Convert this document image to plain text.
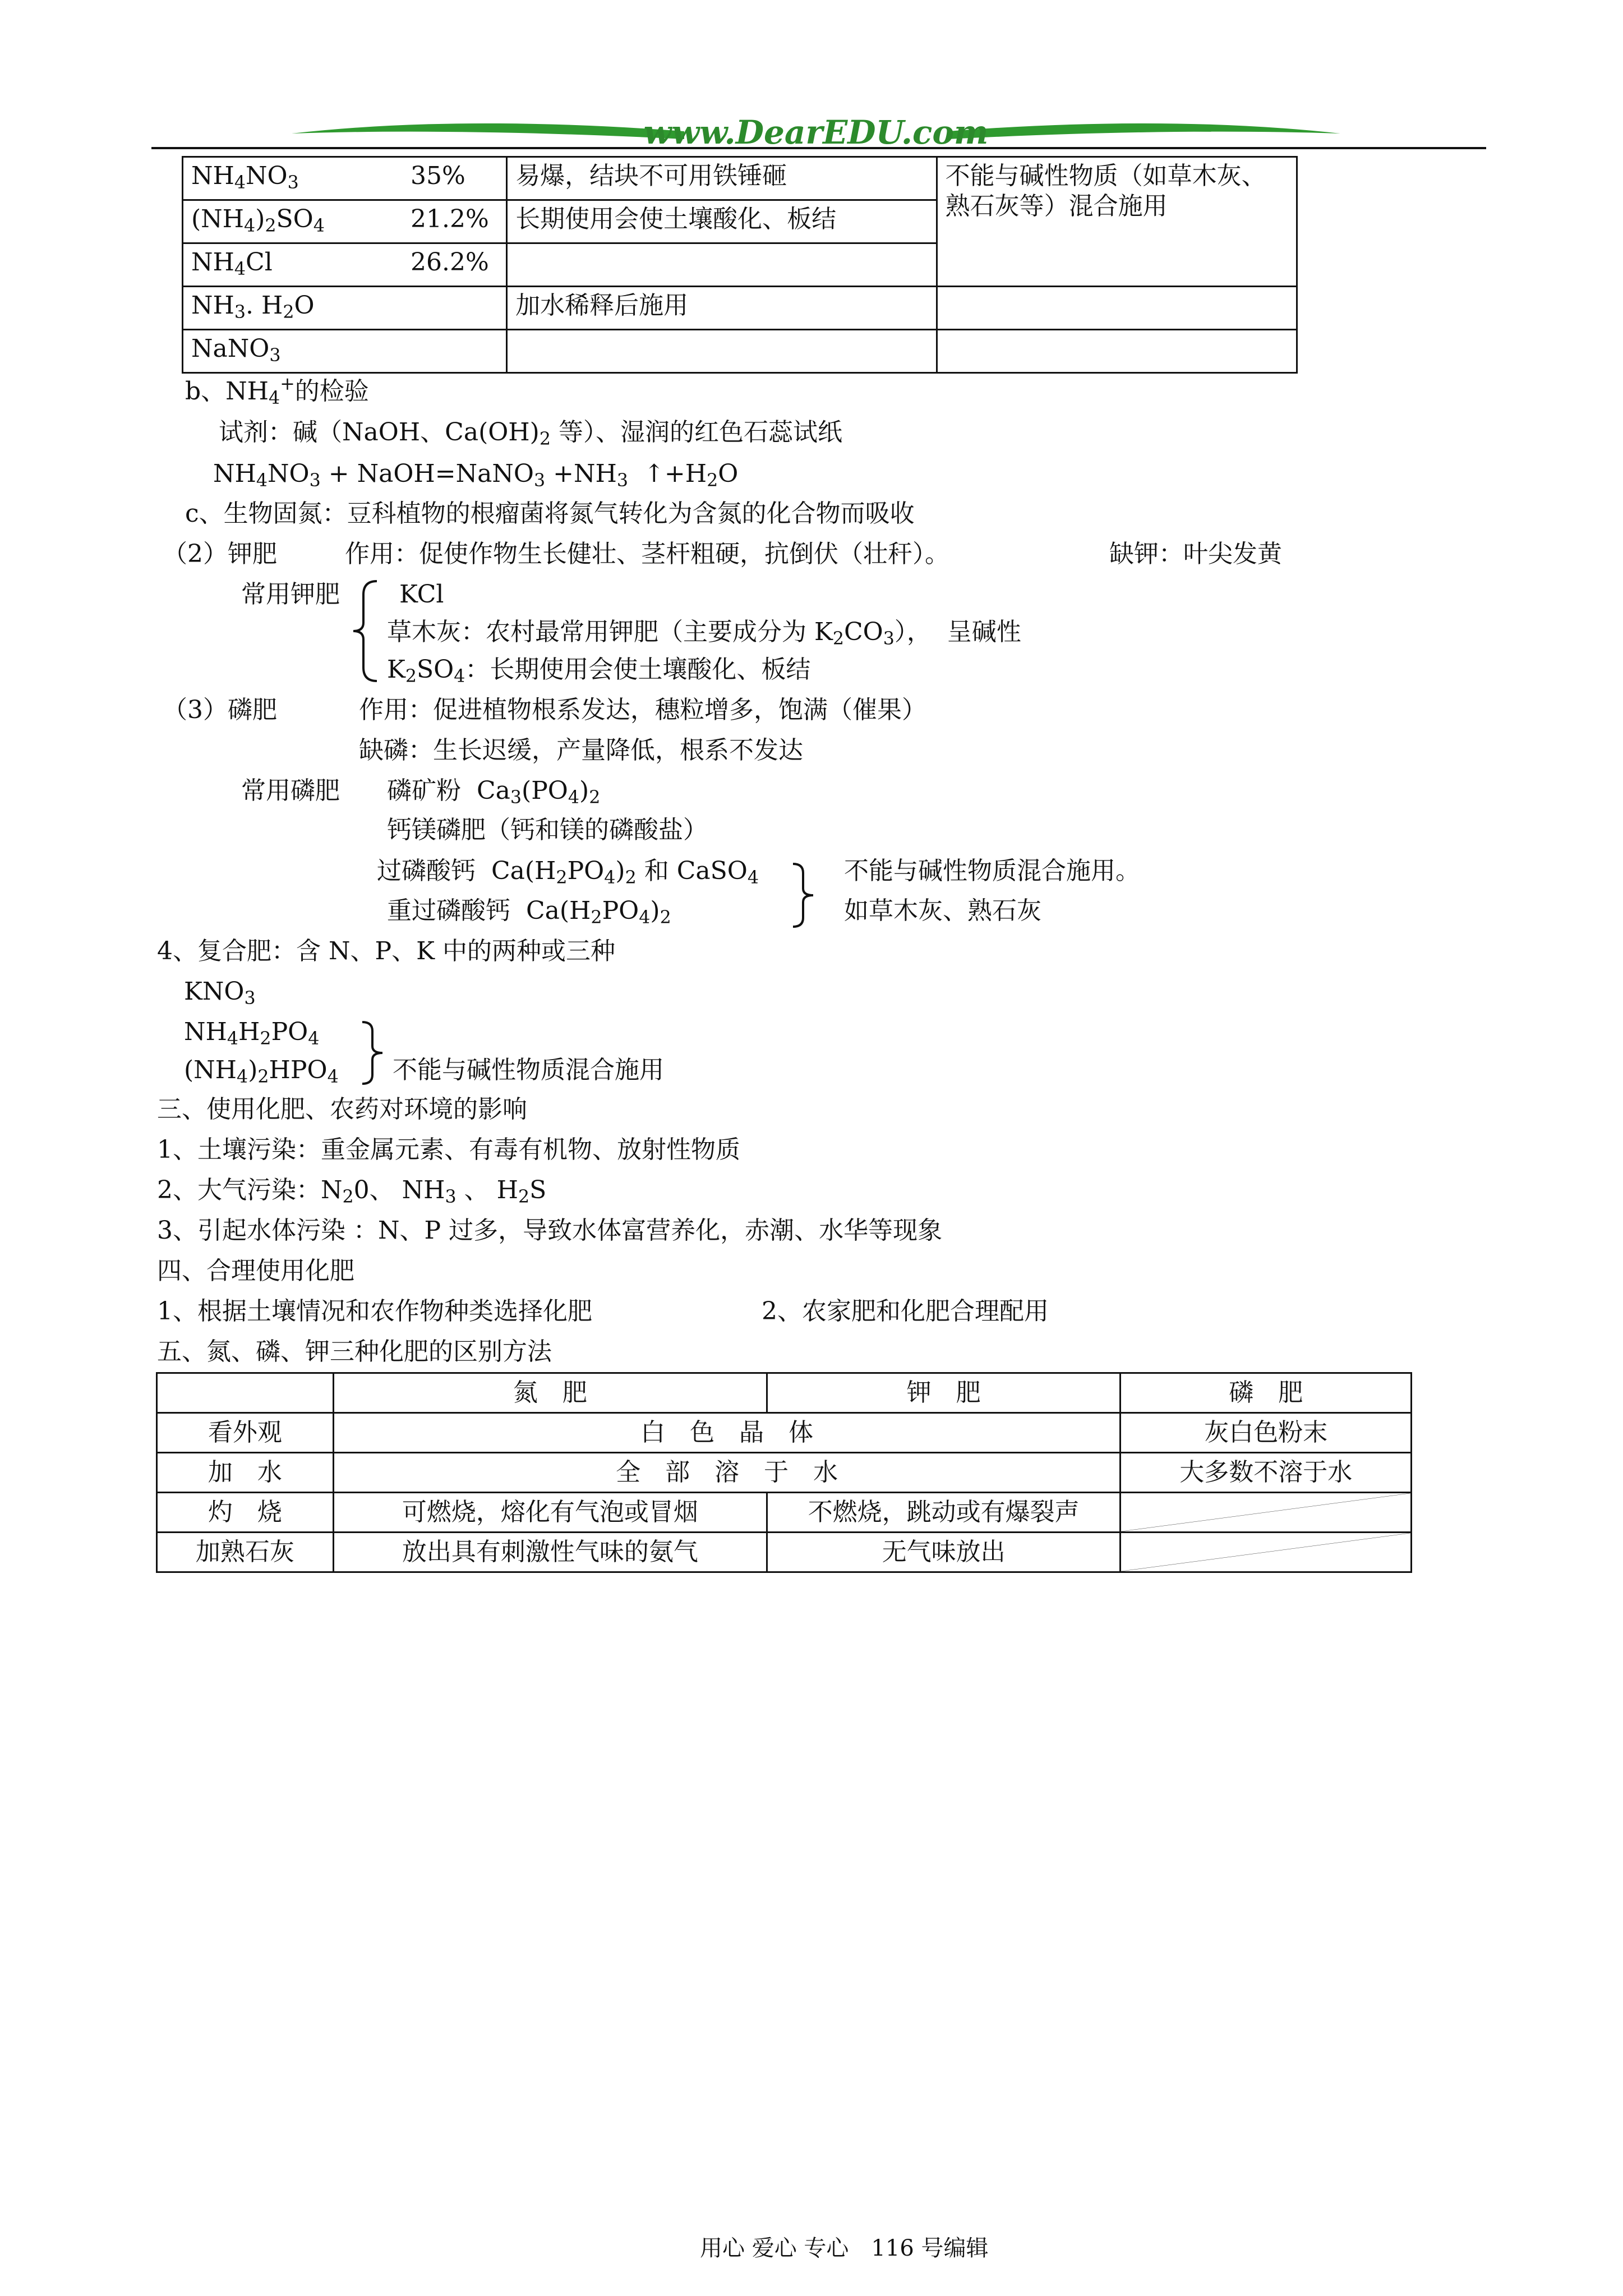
www.DearEDU.com
$NH_4NO_3$	35%	易爆，结块不可用铁锤砸	不能与碱性物质（如草木灰、熟石灰等）混合施用
$(NH_4)_2SO_4$	21.2%	长期使用会使土壤酸化、板结	
$NH_4Cl$	26.2%		
$NH_3$. $H_2O$		加水稀释后施用	
NaNO$_3$			
b、$NH_4^+$的检验
试剂：碱（NaOH、$Ca(OH)_2$ 等）、湿润的红色石蕊试纸
$NH_4NO_3$ + NaOH=NaNO$_3$ $+NH_3$  $↑+H_2O$
c、生物固氮：豆科植物的根瘤菌将氮气转化为含氮的化合物而吸收
（2）钾肥	作用：促使作物生长健壮、茎杆粗硬，抗倒伏（壮秆）。	缺钾：叶尖发黄
常用钾肥 KCl
草木灰：农村最常用钾肥（主要成分为 $K_2CO_3$），  呈碱性
$K_2SO_4$：长期使用会使土壤酸化、板结
（3）磷肥	作用：促进植物根系发达，穗粒增多，饱满（催果）
缺磷：生长迟缓，产量降低，根系不发达
常用磷肥 磷矿粉  $Ca_3(PO_4)_2$
钙镁磷肥（钙和镁的磷酸盐）
过磷酸钙  $Ca(H_2PO_4)_2$ 和 CaSO$_4$
重过磷酸钙  $Ca(H_2PO_4)_2$
不能与碱性物质混合施用。
如草木灰、熟石灰
4、复合肥：含 N、P、K 中的两种或三种
$KNO_3$
$NH_4H_2PO_4$
$(NH_4)_2HPO_4$ 不能与碱性物质混合施用
三、使用化肥、农药对环境的影响
1、土壤污染：重金属元素、有毒有机物、放射性物质
2、大气污染：$N_20$、 $NH_3$ 、 $H_2S$
3、引起水体污染 ：N、P 过多，导致水体富营养化，赤潮、水华等现象
四、合理使用化肥
1、根据土壤情况和农作物种类选择化肥	2、农家肥和化肥合理配用
五、氮、磷、钾三种化肥的区别方法
	氮　肥	钾　肥	磷　肥
看外观	白　色　晶　体		灰白色粉末
加　水	全　部　溶　于　水		大多数不溶于水
灼　烧	可燃烧，熔化有气泡或冒烟	不燃烧，跳动或有爆裂声	

加熟石灰	放出具有刺激性气味的氨气	无气味放出	
用心 爱心 专心　116 号编辑
